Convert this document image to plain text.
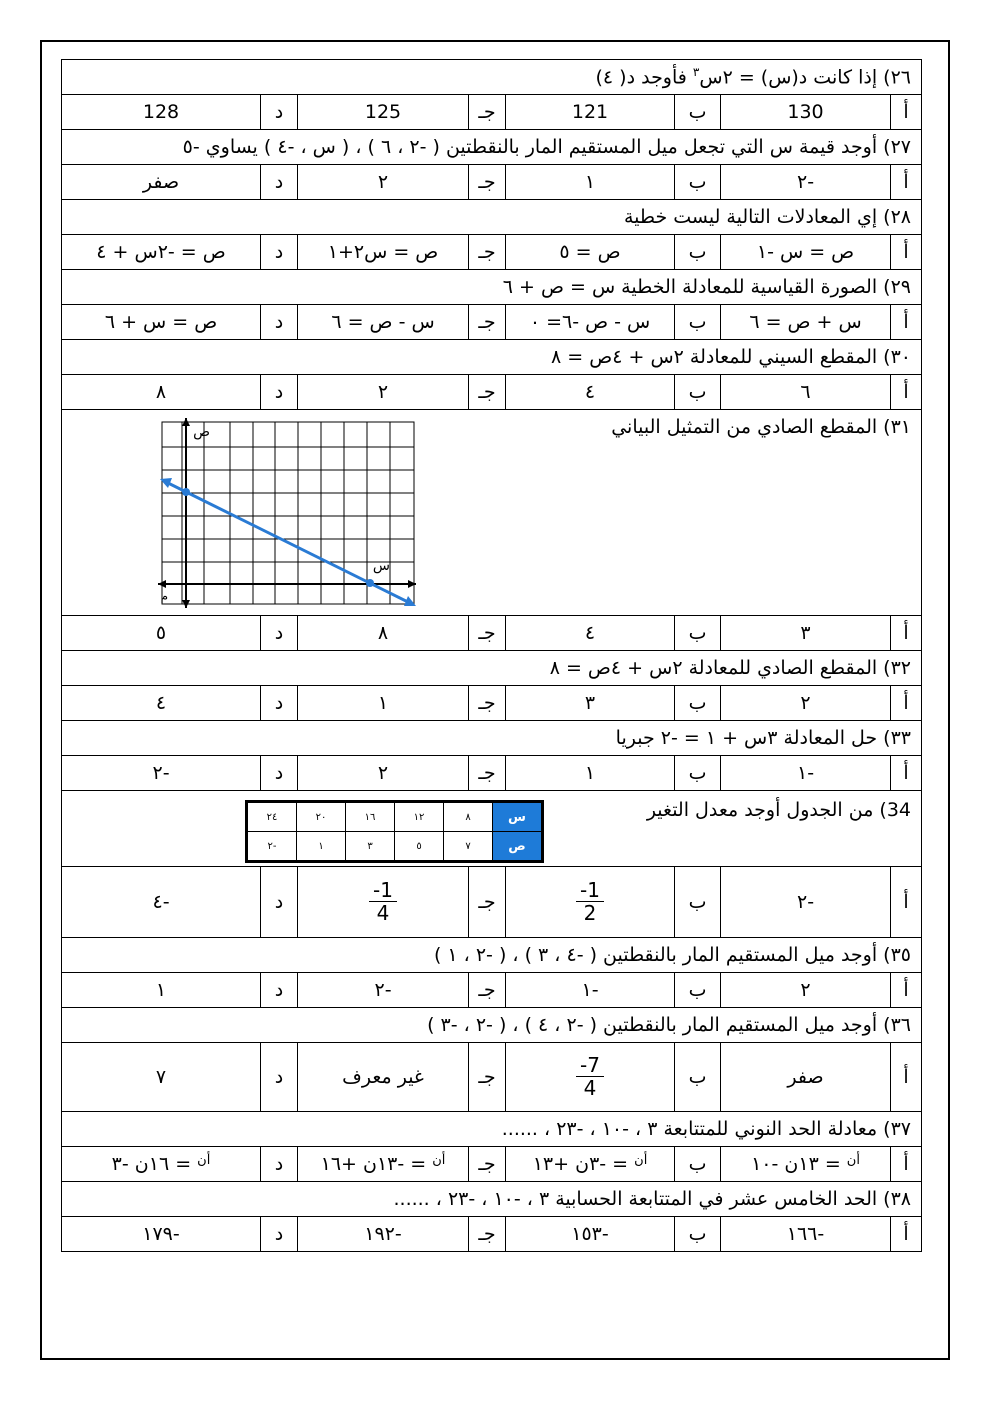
٢٦) إذا كانت د(س) = ٢س$^٣$ فأوجد د( ٤)
أ	130	ب	121	جـ	125	د	128
٢٧) أوجد قيمة س التي تجعل ميل المستقيم المار بالنقطتين ( -٢ ، ٦ ) ، ( س ، -٤ ) يساوي -٥
أ	-٢	ب	١	جـ	٢	د	صفر
٢٨) إي المعادلات التالية ليست خطية
أ	ص = س -١	ب	ص = ٥	جـ	ص = س٢+١	د	ص = -٢س + ٤
٢٩) الصورة القياسية للمعادلة الخطية س = ص + ٦
أ	س + ص = ٦	ب	س - ص -٦= ٠	جـ	س - ص = ٦	د	ص = س + ٦
٣٠) المقطع السيني للمعادلة ٢س + ٤ص = ٨
أ	٦	ب	٤	جـ	٢	د	٨

٣١) المقطع الصادي من التمثيل البياني
ص
س
م

أ	٣	ب	٤	جـ	٨	د	٥
٣٢) المقطع الصادي للمعادلة ٢س + ٤ص = ٨
أ	٢	ب	٣	جـ	١	د	٤
٣٣) حل المعادلة ٣س + ١ = -٢ جبريا
أ	-١	ب	١	جـ	٢	د	-٢

34) من الجدول أوجد معدل التغير
س	٨	١٢	١٦	٢٠	٢٤
ص	٧	٥	٣	١	-٢

أ	-٢	ب	
$\frac{1-}{2}$
	جـ	
$\frac{1-}{4}$
	د	-٤
٣٥) أوجد ميل المستقيم المار بالنقطتين ( -٤ ، ٣ ) ، ( -٢ ، ١ )
أ	٢	ب	-١	جـ	-٢	د	١
٣٦) أوجد ميل المستقيم المار بالنقطتين ( -٢ ، ٤ ) ، ( -٢ ، -٣ )
أ	صفر	ب	
$\frac{7-}{4}$
	جـ	غير معرف	د	٧
٣٧) معادلة الحد النوني للمتتابعة ٣ ، -١٠ ، -٢٣ ، ......
أ	$^{أن}$ = ١٣ن -١٠	ب	$^{أن}$ = -٣ن +١٣	جـ	$^{أن}$ = -١٣ن +١٦	د	$^{أن}$ = ١٦ن -٣
٣٨) الحد الخامس عشر في المتتابعة الحسابية ٣ ، -١٠ ، -٢٣ ، ......
أ	-١٦٦	ب	-١٥٣	جـ	-١٩٢	د	-١٧٩
